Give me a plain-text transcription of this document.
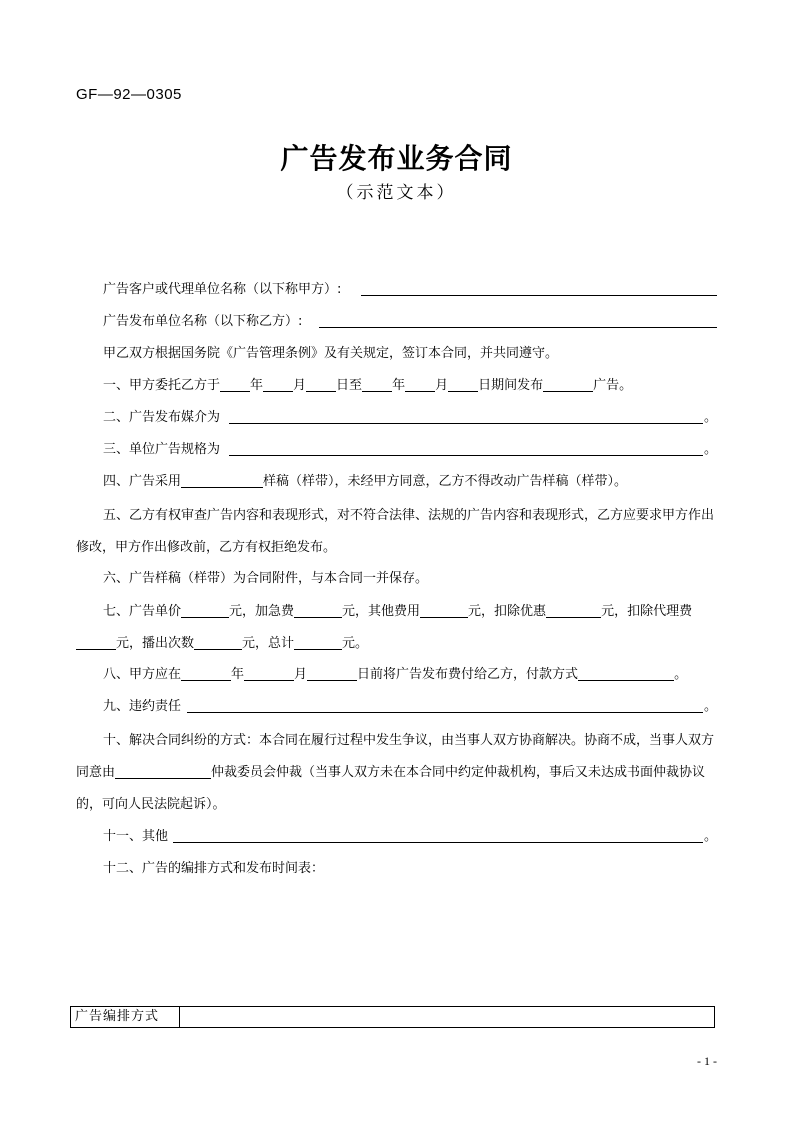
GF—92—0305
广告发布业务合同
（示范文本）
广告客户或代理单位名称（以下称甲方）:
广告发布单位名称（以下称乙方）:
甲乙双方根据国务院《广告管理条例》及有关规定，签订本合同，并共同遵守。
一、甲方委托乙方于 年 月 日至 年 月 日期间发布	广告。
二、广告发布媒介为	。
三、单位广告规格为	。
四、广告采用	样稿（样带），未经甲方同意，乙方不得改动广告样稿（样带）。
五、乙方有权审查广告内容和表现形式，对不符合法律、法规的广告内容和表现形式，乙方应要求甲方作出修改，甲方作出修改前，乙方有权拒绝发布。
六、广告样稿（样带）为合同附件，与本合同一并保存。
七、广告单价	元，加急费	元，其他费用	元，扣除优惠	元，扣除代理费元，播出次数	元，总计	元。
八、甲方应在	年	月	日前将广告发布费付给乙方，付款方式	。
九、违约责任	。
十、解决合同纠纷的方式：本合同在履行过程中发生争议，由当事人双方协商解决。协商不成，当事人双方同意由	仲裁委员会仲裁（当事人双方未在本合同中约定仲裁机构，事后又未达成书面仲裁协议的，可向人民法院起诉）。
十一、其他	。
十二、广告的编排方式和发布时间表：
广告编排方式
- 1 -
